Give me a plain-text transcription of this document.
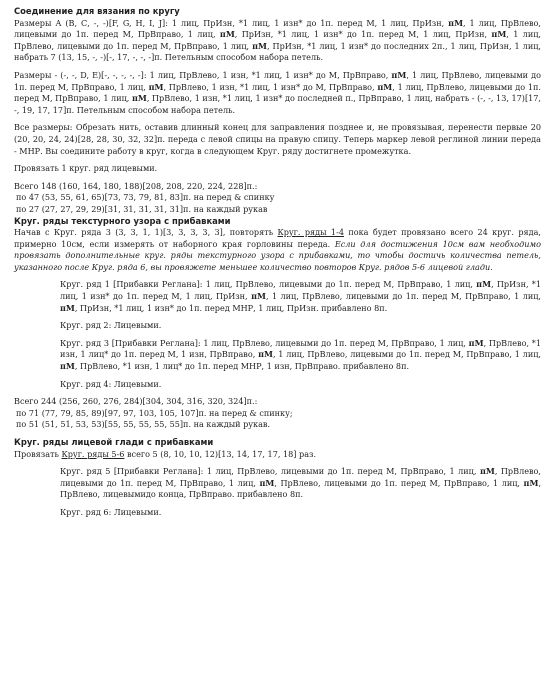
Соединение для вязания по кругу

Размеры А (В, С, -, -)[F, G, H, I, J]: 1 лиц, ПрИзн, *1 лиц, 1 изн* до 1п. перед М, 1 лиц, ПрИзн, пМ, 1 лиц, ПрВлево, лицевыми до 1п. перед М, ПрВправо, 1 лиц, пМ, ПрИзн, *1 лиц, 1 изн* до 1п. перед М, 1 лиц, ПрИзн, пМ, 1 лиц, ПрВлево, лицевыми до 1п. перед М, ПрВправо, 1 лиц, пМ, ПрИзн, *1 лиц, 1 изн* до последних 2п., 1 лиц, ПрИзн, 1 лиц, набрать 7 (13, 15, -, -)[-, 17, -, -, -]п. Петельным способом набора петель.

Размеры - (-, -, D, E)[-, -, -, -, -]: 1 лиц, ПрВлево, 1 изн, *1 лиц, 1 изн* до М, ПрВправо, пМ, 1 лиц, ПрВлево, лицевыми до 1п. перед М, ПрВправо, 1 лиц, пМ, ПрВлево, 1 изн, *1 лиц, 1 изн* до М, ПрВправо, пМ, 1 лиц, ПрВлево, лицевыми до 1п. перед М, ПрВправо, 1 лиц, пМ, ПрВлево, 1 изн, *1 лиц, 1 изн* до последней п., ПрВправо, 1 лиц, набрать - (-, -, 13, 17)[17, -, 19, 17, 17]п. Петельным способом набора петель.

Все размеры: Обрезать нить, оставив длинный конец для заправления позднее и, не провязывая, перенести первые 20 (20, 20, 24, 24)[28, 28, 30, 32, 32]п. переда с левой спицы на правую спицу. Теперь маркер левой реглиной линии переда - МНР. Вы соедините работу в круг, когда в следующем Круг. ряду достигнете промежутка.

Провязать 1 круг. ряд лицевыми.

Всего 148 (160, 164, 180, 188)[208, 208, 220, 224, 228]п.:

по 47 (53, 55, 61, 65)[73, 73, 79, 81, 83]п. на перед & спинку

по 27 (27, 27, 29, 29)[31, 31, 31, 31, 31]п. на каждый рукав

Круг. ряды текстурного узора с прибавками

Начав с Круг. ряда 3 (3, 3, 1, 1)[3, 3, 3, 3, 3], повторять Круг. ряды 1-4 пока будет провязано всего 24 круг. ряда, примерно 10см, если измерять от наборного края горловины переда. Если для достижения 10см вам необходимо провязать дополнительные круг. ряды текстурного узора с прибавками, то чтобы достичь количества петель, указанного после Круг. ряда 6, вы провяжете меньшее количество повторов Круг. рядов 5-6 лицевой глади.

Круг. ряд 1 [Прибавки Реглана]: 1 лиц, ПрВлево, лицевыми до 1п. перед М, ПрВправо, 1 лиц, пМ, ПрИзн, *1 лиц, 1 изн* до 1п. перед М, 1 лиц, ПрИзн, пМ, 1 лиц, ПрВлево, лицевыми до 1п. перед М, ПрВправо, 1 лиц, пМ, ПрИзн, *1 лиц, 1 изн* до 1п. перед МНР, 1 лиц, ПрИзн. прибавлено 8п.

Круг. ряд 2: Лицевыми.

Круг. ряд 3 [Прибавки Реглана]: 1 лиц, ПрВлево, лицевыми до 1п. перед М, ПрВправо, 1 лиц, пМ, ПрВлево, *1 изн, 1 лиц* до 1п. перед М, 1 изн, ПрВправо, пМ, 1 лиц, ПрВлево, лицевыми до 1п. перед М, ПрВправо, 1 лиц, пМ, ПрВлево, *1 изн, 1 лиц* до 1п. перед МНР, 1 изн, ПрВправо. прибавлено 8п.

Круг. ряд 4: Лицевыми.

Всего 244 (256, 260, 276, 284)[304, 304, 316, 320, 324]п.:

по 71 (77, 79, 85, 89)[97, 97, 103, 105, 107]п. на перед & спинку;

по 51 (51, 51, 53, 53)[55, 55, 55, 55, 55]п. на каждый рукав.

Круг. ряды лицевой глади с прибавками

Провязать Круг. ряды 5-6 всего 5 (8, 10, 10, 12)[13, 14, 17, 17, 18] раз.

Круг. ряд 5 [Прибавки Реглана]: 1 лиц, ПрВлево, лицевыми до 1п. перед М, ПрВправо, 1 лиц, пМ, ПрВлево, лицевыми до 1п. перед М, ПрВправо, 1 лиц, пМ, ПрВлево, лицевыми до 1п. перед М, ПрВправо, 1 лиц, пМ, ПрВлево, лицевымидо конца, ПрВправо. прибавлено 8п.

Круг. ряд 6: Лицевыми.
